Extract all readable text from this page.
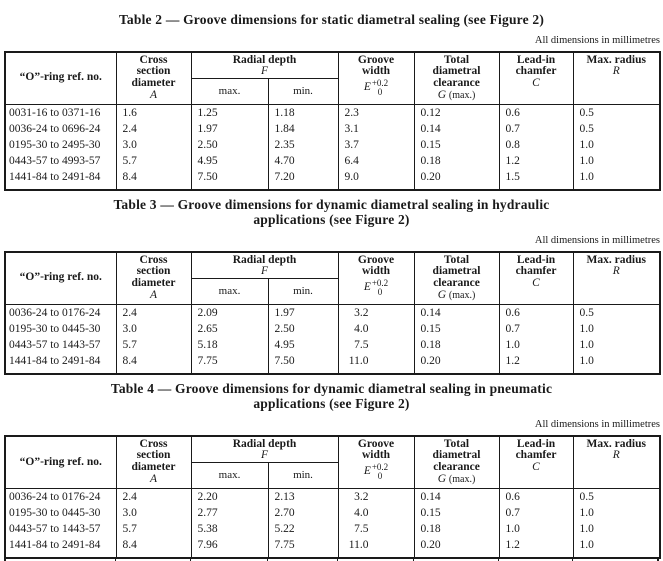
Table 2 — Groove dimensions for static diametral sealing (see Figure 2)
All dimensions in millimetres
“O”-ring ref. no.	
Cross
section
diameter
A

Radial depth
F

Groove
width
E +0.2
0

Total
diametral
clearance
G (max.)

Lead-in
chamfer
C

Max. radius
R

		max.	min.				
0031-16 to 0371-16	1.6	1.25	1.18	2.3	0.12	0.6	0.5
0036-24 to 0696-24	2.4	1.97	1.84	3.1	0.14	0.7	0.5
0195-30 to 2495-30	3.0	2.50	2.35	3.7	0.15	0.8	1.0
0443-57 to 4993-57	5.7	4.95	4.70	6.4	0.18	1.2	1.0
1441-84 to 2491-84	8.4	7.50	7.20	9.0	0.20	1.5	1.0

Table 3 — Groove dimensions for dynamic diametral sealing in hydraulic
applications (see Figure 2)
All dimensions in millimetres
“O”-ring ref. no.	
Cross
section
diameter
A

Radial depth
F

Groove
width
E +0.2
0

Total
diametral
clearance
G (max.)

Lead-in
chamfer
C

Max. radius
R

		max.	min.				
0036-24 to 0176-24	2.4	2.09	1.97	3.2	0.14	0.6	0.5
0195-30 to 0445-30	3.0	2.65	2.50	4.0	0.15	0.7	1.0
0443-57 to 1443-57	5.7	5.18	4.95	7.5	0.18	1.0	1.0
1441-84 to 2491-84	8.4	7.75	7.50	11.0	0.20	1.2	1.0

Table 4 — Groove dimensions for dynamic diametral sealing in pneumatic
applications (see Figure 2)
All dimensions in millimetres
“O”-ring ref. no.	
Cross
section
diameter
A

Radial depth
F

Groove
width
E +0.2
0

Total
diametral
clearance
G (max.)

Lead-in
chamfer
C

Max. radius
R

		max.	min.				
0036-24 to 0176-24	2.4	2.20	2.13	3.2	0.14	0.6	0.5
0195-30 to 0445-30	3.0	2.77	2.70	4.0	0.15	0.7	1.0
0443-57 to 1443-57	5.7	5.38	5.22	7.5	0.18	1.0	1.0
1441-84 to 2491-84	8.4	7.96	7.75	11.0	0.20	1.2	1.0
